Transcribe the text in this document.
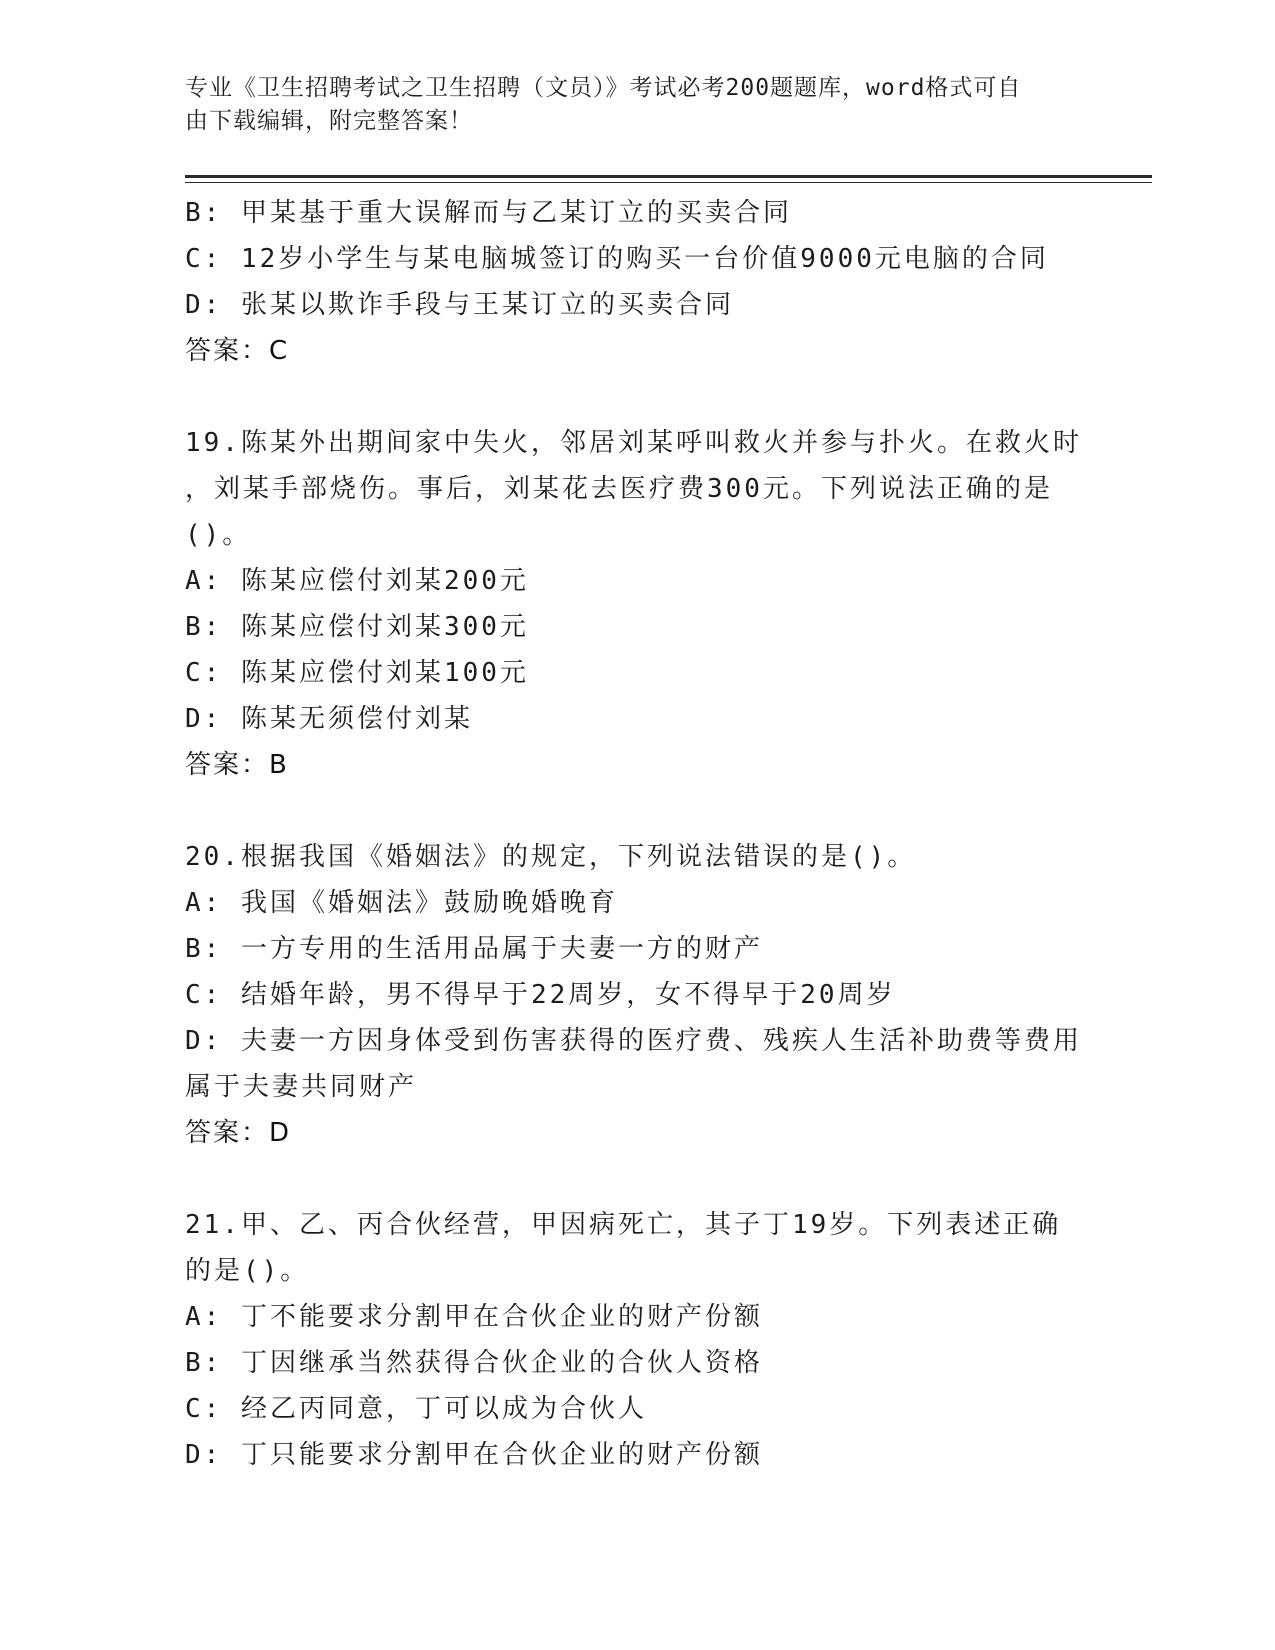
专业《卫生招聘考试之卫生招聘（文员）》考试必考200题题库，word格式可自
由下载编辑，附完整答案！
B: 甲某基于重大误解而与乙某订立的买卖合同
C: 12岁小学生与某电脑城签订的购买一台价值9000元电脑的合同
D: 张某以欺诈手段与王某订立的买卖合同
答案：C
19.陈某外出期间家中失火，邻居刘某呼叫救火并参与扑火。在救火时
，刘某手部烧伤。事后，刘某花去医疗费300元。下列说法正确的是
()。
A: 陈某应偿付刘某200元
B: 陈某应偿付刘某300元
C: 陈某应偿付刘某100元
D: 陈某无须偿付刘某
答案：B
20.根据我国《婚姻法》的规定，下列说法错误的是()。
A: 我国《婚姻法》鼓励晚婚晚育
B: 一方专用的生活用品属于夫妻一方的财产
C: 结婚年龄，男不得早于22周岁，女不得早于20周岁
D: 夫妻一方因身体受到伤害获得的医疗费、残疾人生活补助费等费用
属于夫妻共同财产
答案：D
21.甲、乙、丙合伙经营，甲因病死亡，其子丁19岁。下列表述正确
的是()。
A: 丁不能要求分割甲在合伙企业的财产份额
B: 丁因继承当然获得合伙企业的合伙人资格
C: 经乙丙同意，丁可以成为合伙人
D: 丁只能要求分割甲在合伙企业的财产份额
